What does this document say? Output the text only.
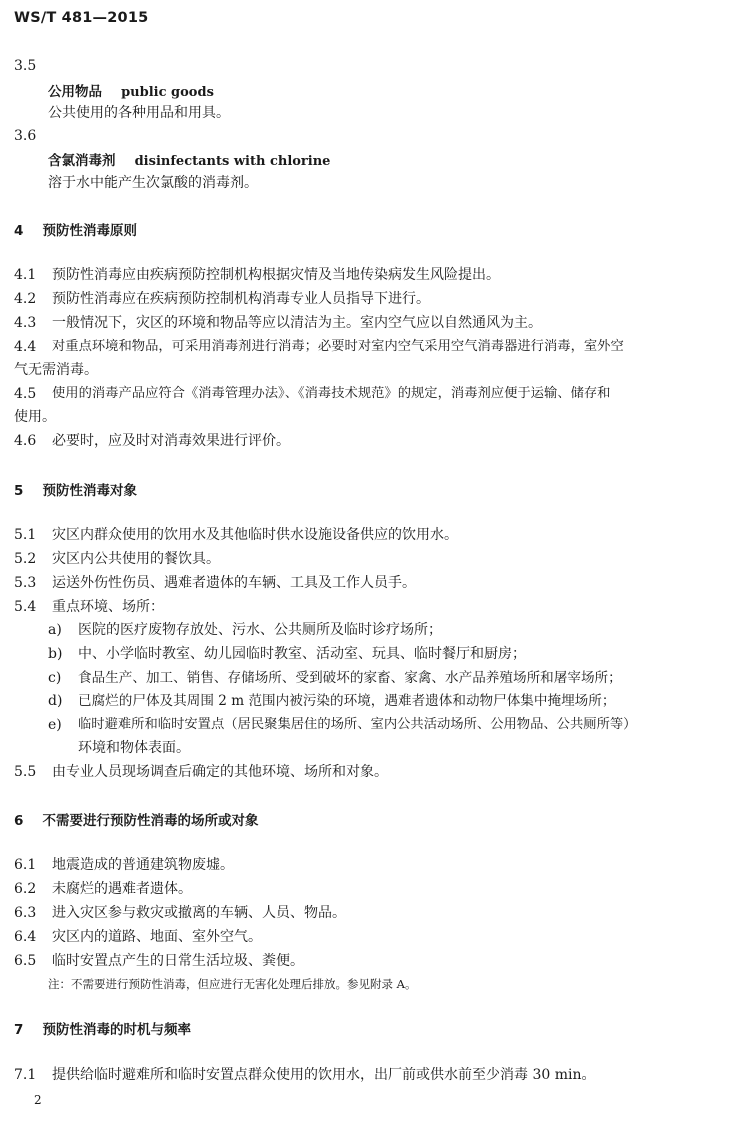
WS/T 481—2015
3.5
公用物品 public goods
公共使用的各种用品和用具。
3.6
含氯消毒剂 disinfectants with chlorine
溶于水中能产生次氯酸的消毒剂。
4 预防性消毒原则
4.1 预防性消毒应由疾病预防控制机构根据灾情及当地传染病发生风险提出。
4.2 预防性消毒应在疾病预防控制机构消毒专业人员指导下进行。
4.3 一般情况下，灾区的环境和物品等应以清洁为主。室内空气应以自然通风为主。
4.4 对重点环境和物品，可采用消毒剂进行消毒；必要时对室内空气采用空气消毒器进行消毒，室外空
气无需消毒。
4.5 使用的消毒产品应符合《消毒管理办法》、《消毒技术规范》的规定，消毒剂应便于运输、储存和
使用。
4.6 必要时，应及时对消毒效果进行评价。
5 预防性消毒对象
5.1 灾区内群众使用的饮用水及其他临时供水设施设备供应的饮用水。
5.2 灾区内公共使用的餐饮具。
5.3 运送外伤性伤员、遇难者遗体的车辆、工具及工作人员手。
5.4 重点环境、场所：
a) 医院的医疗废物存放处、污水、公共厕所及临时诊疗场所；
b) 中、小学临时教室、幼儿园临时教室、活动室、玩具、临时餐厅和厨房；
c) 食品生产、加工、销售、存储场所、受到破坏的家畜、家禽、水产品养殖场所和屠宰场所；
d) 已腐烂的尸体及其周围 2 m 范围内被污染的环境，遇难者遗体和动物尸体集中掩埋场所；
e) 临时避难所和临时安置点（居民聚集居住的场所、室内公共活动场所、公用物品、公共厕所等）
环境和物体表面。
5.5 由专业人员现场调查后确定的其他环境、场所和对象。
6 不需要进行预防性消毒的场所或对象
6.1 地震造成的普通建筑物废墟。
6.2 未腐烂的遇难者遗体。
6.3 进入灾区参与救灾或撤离的车辆、人员、物品。
6.4 灾区内的道路、地面、室外空气。
6.5 临时安置点产生的日常生活垃圾、粪便。
注：不需要进行预防性消毒，但应进行无害化处理后排放。参见附录 A。
7 预防性消毒的时机与频率
7.1 提供给临时避难所和临时安置点群众使用的饮用水，出厂前或供水前至少消毒 30 min。
2
